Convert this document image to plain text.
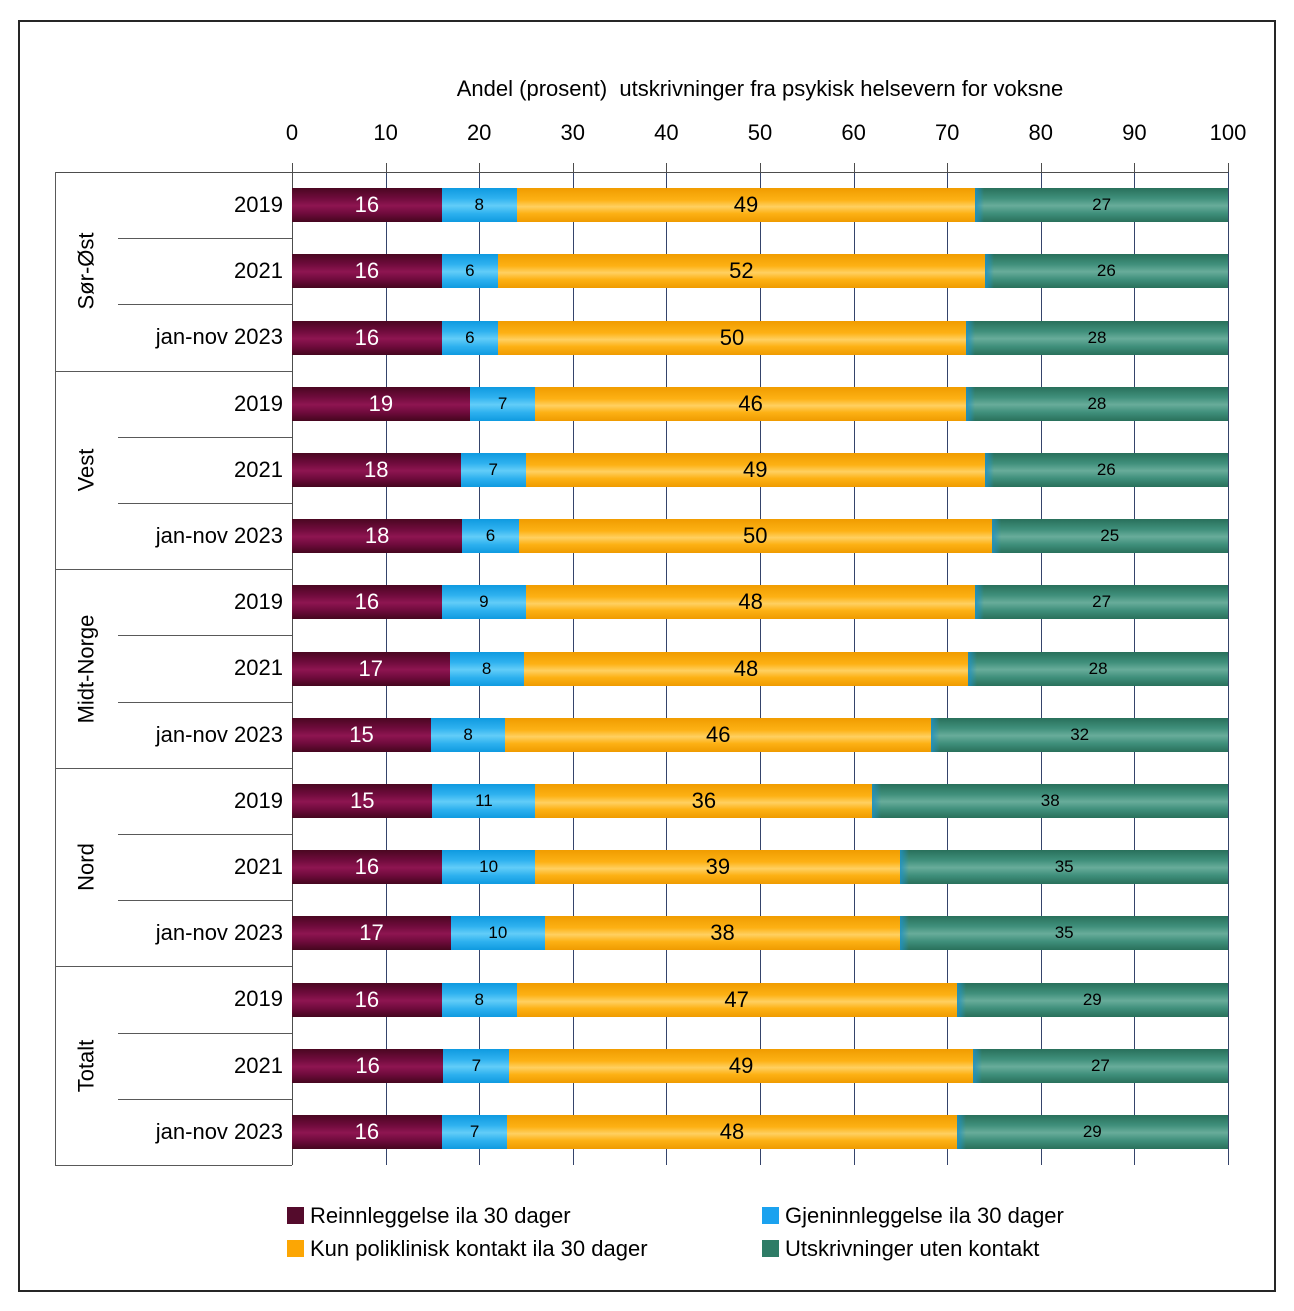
Andel (prosent)  utskrivninger fra psykisk helsevern for voksne
0	10	20	30	40	50	60	70	80	90	100
Sør-Øst
2019	16	8	49	27
2021	16	6	52	26
jan-nov 2023	16	6	50	28
Vest
2019	19	7	46	28
2021	18	7	49	26
jan-nov 2023	18	6	50	25
Midt-Norge
2019	16	9	48	27
2021	17	8	48	28
jan-nov 2023	15	8	46	32
Nord
2019	15	11	36	38
2021	16	10	39	35
jan-nov 2023	17	10	38	35
Totalt
2019	16	8	47	29
2021	16	7	49	27
jan-nov 2023	16	7	48	29
Reinnleggelse ila 30 dager	Gjeninnleggelse ila 30 dager
Kun poliklinisk kontakt ila 30 dager	Utskrivninger uten kontakt
